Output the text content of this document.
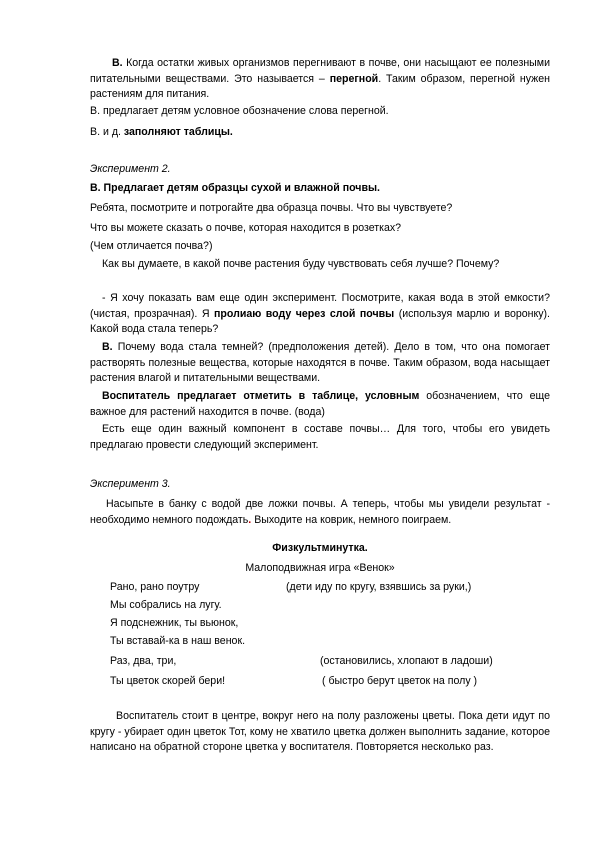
В. Когда остатки живых организмов перегнивают в почве, они насыщают ее полезными питательными веществами. Это называется – перегной. Таким образом, перегной нужен растениям для питания.

В. предлагает детям условное обозначение слова перегной.

В. и д. заполняют таблицы.

Эксперимент 2.

В. Предлагает детям образцы сухой и влажной почвы.

Ребята, посмотрите и потрогайте два образца почвы. Что вы чувствуете?

Что вы можете сказать о почве, которая находится в розетках?

(Чем отличается почва?)

Как вы думаете, в какой почве растения буду чувствовать себя лучше? Почему?

- Я хочу показать вам еще один эксперимент. Посмотрите, какая вода в этой емкости? (чистая, прозрачная). Я пролиаю воду через слой почвы (используя марлю и воронку). Какой вода стала теперь?

В. Почему вода стала темней? (предположения детей). Дело в том, что она помогает растворять полезные вещества, которые находятся в почве. Таким образом, вода насыщает растения влагой и питательными веществами.

Воспитатель предлагает отметить в таблице, условным обозначением, что еще важное для растений находится в почве. (вода)

Есть еще один важный компонент в составе почвы… Для того, чтобы его увидеть предлагаю провести следующий эксперимент.

Эксперимент 3.

Насыпьте в банку с водой две ложки почвы. А теперь, чтобы мы увидели результат - необходимо немного подождать. Выходите на коврик, немного поиграем.

Физкультминутка.

Малоподвижная игра «Венок»

Рано, рано поутру	(дети иду по кругу, взявшись за руки,)
Мы собрались на лугу.
Я подснежник, ты вьюнок,
Ты вставай-ка в наш венок.
Раз, два, три,	(остановились, хлопают в ладоши)
Ты цветок скорей бери!	( быстро берут цветок на полу )

Воспитатель стоит в центре, вокруг него на полу разложены цветы. Пока дети идут по кругу - убирает один цветок Тот, кому не хватило цветка должен выполнить задание, которое написано на обратной стороне цветка у воспитателя. Повторяется несколько раз.
